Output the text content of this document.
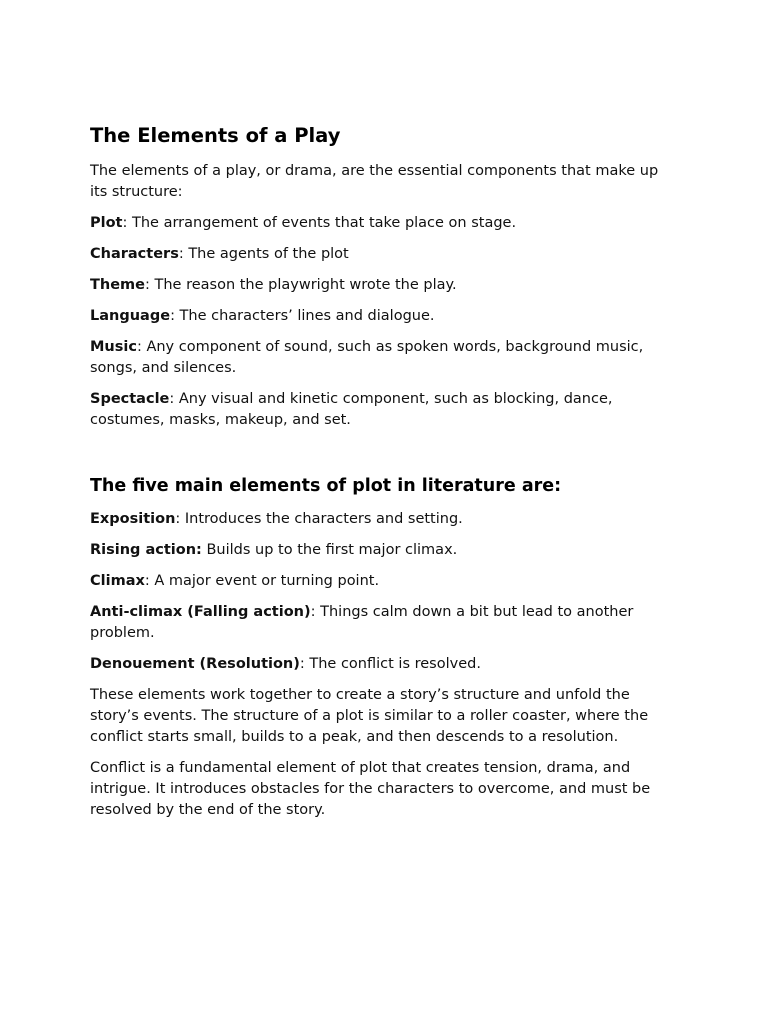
The Elements of a Play

The elements of a play, or drama, are the essential components that make up its structure:

Plot: The arrangement of events that take place on stage.

Characters: The agents of the plot

Theme: The reason the playwright wrote the play.

Language: The characters’ lines and dialogue.

Music: Any component of sound, such as spoken words, background music, songs, and silences.

Spectacle: Any visual and kinetic component, such as blocking, dance, costumes, masks, makeup, and set.

The five main elements of plot in literature are:

Exposition: Introduces the characters and setting.

Rising action: Builds up to the first major climax.

Climax: A major event or turning point.

Anti-climax (Falling action): Things calm down a bit but lead to another problem.

Denouement (Resolution): The conflict is resolved.

These elements work together to create a story’s structure and unfold the story’s events. The structure of a plot is similar to a roller coaster, where the conflict starts small, builds to a peak, and then descends to a resolution.

Conflict is a fundamental element of plot that creates tension, drama, and intrigue. It introduces obstacles for the characters to overcome, and must be resolved by the end of the story.
